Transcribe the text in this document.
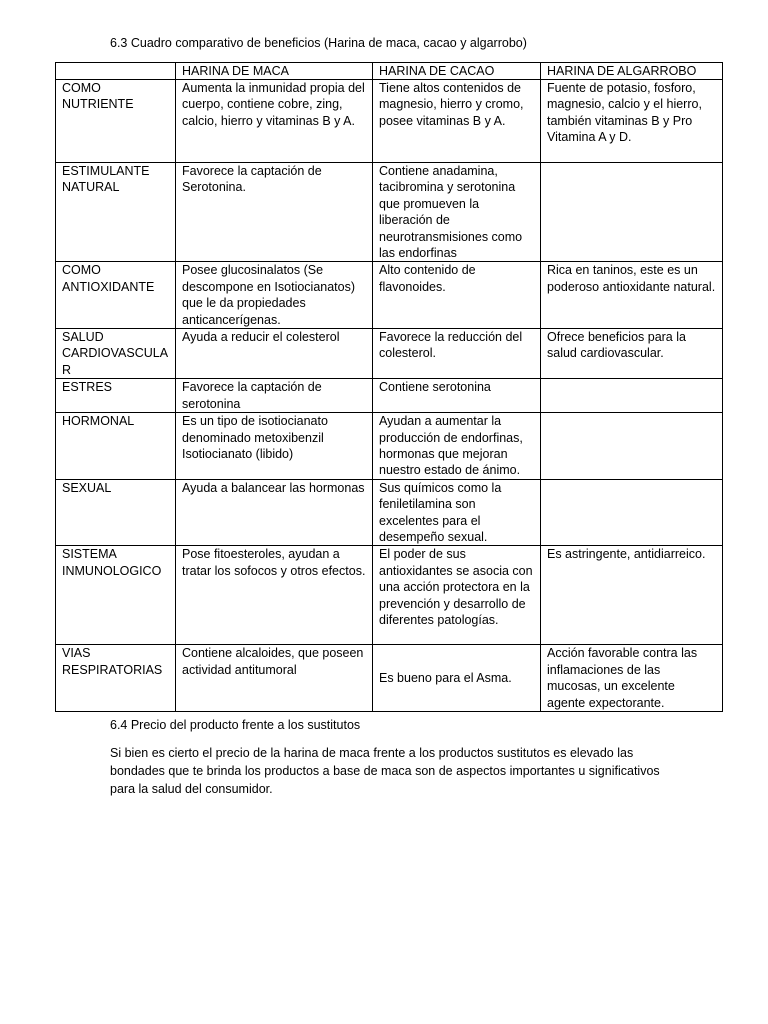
6.3 Cuadro comparativo de beneficios (Harina de maca, cacao y algarrobo)
	HARINA DE MACA	HARINA DE CACAO	HARINA DE ALGARROBO
COMO NUTRIENTE	Aumenta la inmunidad propia del cuerpo, contiene cobre, zing, calcio, hierro y vitaminas B y A.	Tiene altos contenidos de magnesio, hierro y cromo, posee vitaminas B y A.	Fuente de potasio, fosforo, magnesio, calcio y el hierro, también vitaminas B y Pro Vitamina A y D.
ESTIMULANTE NATURAL	Favorece la captación de Serotonina.	Contiene anadamina, tacibromina y serotonina que promueven la liberación de neurotransmisiones como las endorfinas	
COMO ANTIOXIDANTE	Posee glucosinalatos (Se descompone en Isotiocianatos) que le da propiedades anticancerígenas.	Alto contenido de flavonoides.	Rica en taninos, este es un poderoso antioxidante natural.
SALUD CARDIOVASCULAR	Ayuda a reducir el colesterol	Favorece la reducción del colesterol.	Ofrece beneficios para la salud cardiovascular.
ESTRES	Favorece la captación de serotonina	Contiene serotonina	
HORMONAL	Es un tipo de isotiocianato denominado metoxibenzil Isotiocianato (libido)	Ayudan a aumentar la producción de endorfinas, hormonas que mejoran nuestro estado de ánimo.	
SEXUAL	Ayuda a balancear las hormonas	Sus químicos como la feniletilamina son excelentes para el desempeño sexual.	
SISTEMA INMUNOLOGICO	Pose fitoesteroles, ayudan a tratar los sofocos y otros efectos.	El poder de sus antioxidantes se asocia con una acción protectora en la prevención y desarrollo de diferentes patologías.	Es astringente, antidiarreico.
VIAS RESPIRATORIAS	Contiene alcaloides, que poseen actividad antitumoral	Es bueno para el Asma.	Acción favorable contra las inflamaciones de las mucosas, un excelente agente expectorante.
6.4 Precio del producto frente a los sustitutos
Si bien es cierto el precio de la harina de maca frente a los productos sustitutos es elevado las bondades que te brinda los productos a base de maca son de aspectos importantes u significativos para la salud del consumidor.
